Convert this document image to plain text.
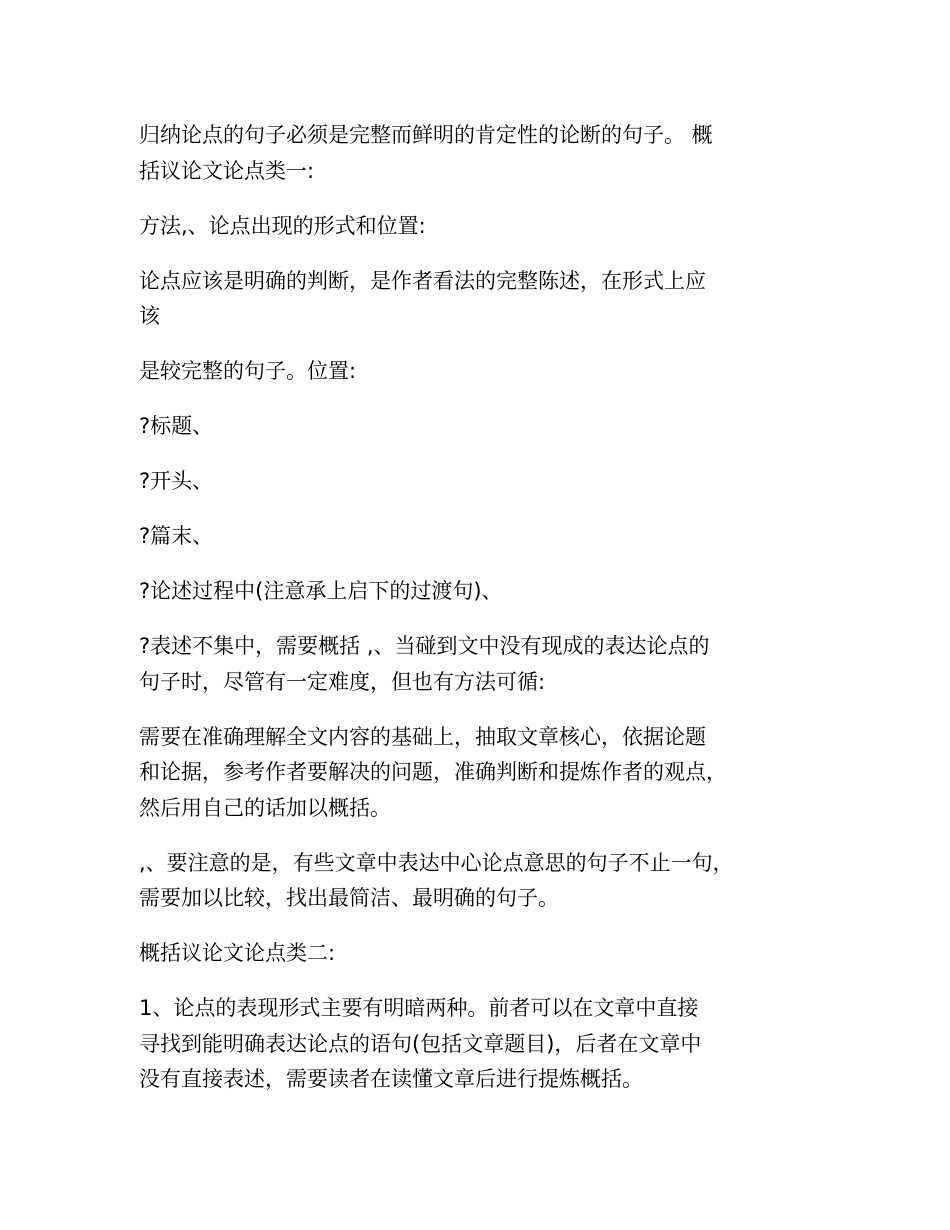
归纳论点的句子必须是完整而鲜明的肯定性的论断的句子。 概
括议论文论点类一:

方法,、论点出现的形式和位置:

论点应该是明确的判断，是作者看法的完整陈述，在形式上应
该

是较完整的句子。位置:

?标题、

?开头、

?篇末、

?论述过程中(注意承上启下的过渡句)、

?表述不集中，需要概括 ,、当碰到文中没有现成的表达论点的
句子时，尽管有一定难度，但也有方法可循:

需要在准确理解全文内容的基础上，抽取文章核心，依据论题
和论据，参考作者要解决的问题，准确判断和提炼作者的观点，
然后用自己的话加以概括。

,、要注意的是，有些文章中表达中心论点意思的句子不止一句，
需要加以比较，找出最简洁、最明确的句子。

概括议论文论点类二:

1、论点的表现形式主要有明暗两种。前者可以在文章中直接
寻找到能明确表达论点的语句(包括文章题目)，后者在文章中
没有直接表述，需要读者在读懂文章后进行提炼概括。
